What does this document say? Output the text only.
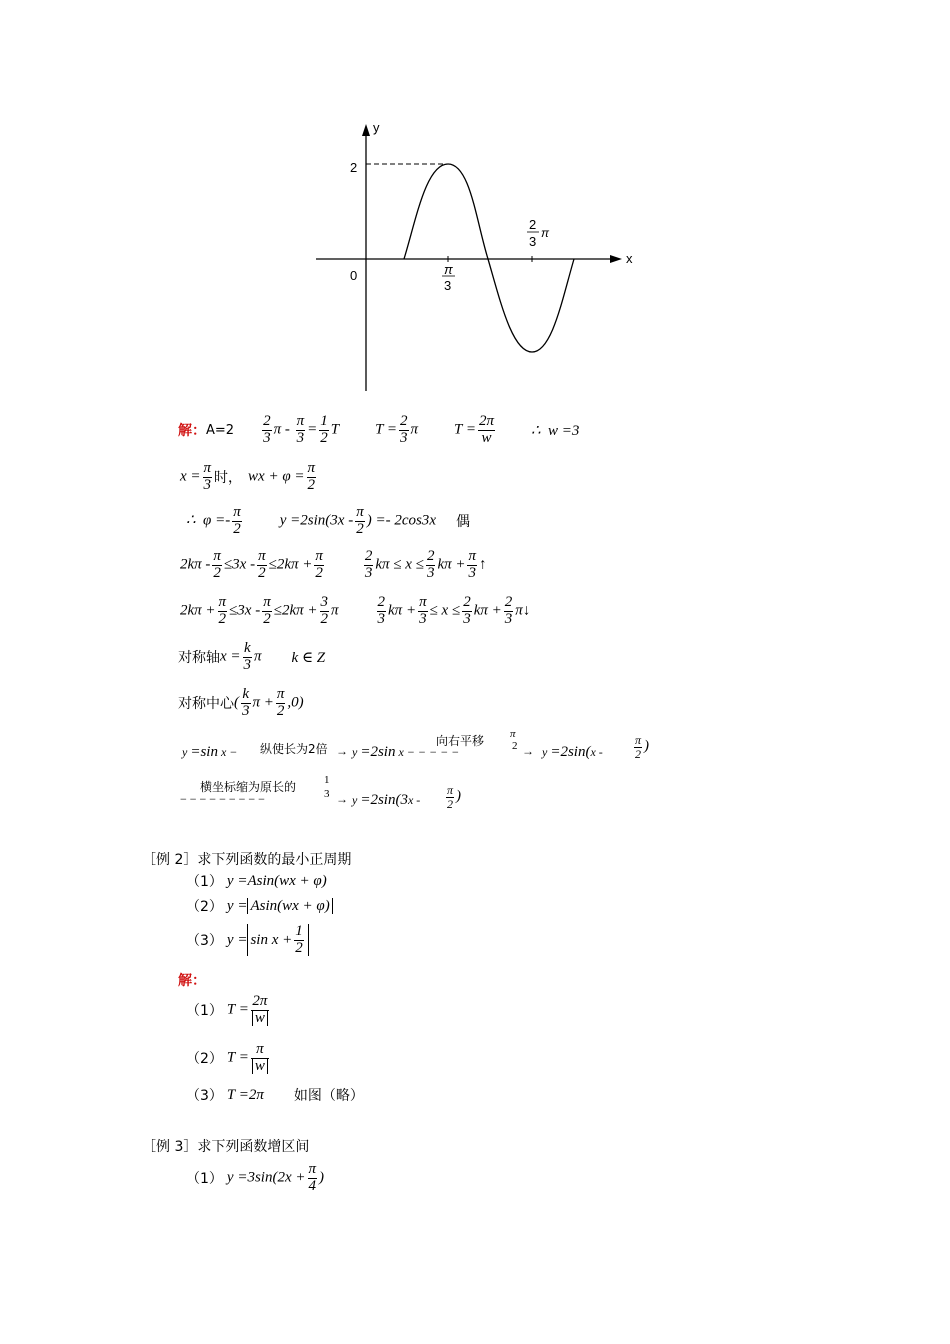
y
x
0
2
π
3
2
3
π
解： $A=2 \frac{2}{3}$ $\pi - \frac{\pi}{3} = \frac{1}{2}$ T $T = \frac{2}{3}$ π $T = \frac{2\pi}{w}$ ∴  w =3
$x = \frac{\pi}{3}$ 时， wx + $\varphi = \frac{\pi}{2}$
∴  $\varphi =- \frac{\pi}{2}$	$y =2\sin(3x - \frac{\pi}{2}$ ) =- 2cos3x 偶
$2k\pi - \frac{\pi}{2} \le 3x - \frac{\pi}{2} \le 2k\pi + \frac{\pi}{2}$	$\frac{2}{3}$ $k\pi \le x \le \frac{2}{3}$ $k\pi + \frac{\pi}{3}$ ↑
$2k\pi + \frac{\pi}{2} \le 3x - \frac{\pi}{2} \le 2k\pi + \frac{3}{2}$ π	$\frac{2}{3}$ $k\pi + \frac{\pi}{3} \le x \le \frac{2}{3}$ $k\pi + \frac{2}{3}$ π↓
对称轴 $x = \frac{k}{3}$ π k ∈ Z
对称中心 ( $\frac{k}{3}$ $\pi + \frac{\pi}{2} ,0$)
y =sin x − 纵使长为2倍 → y =2sin x − − − − −
向右平移 π
2 → y =2sin(x -	$\frac{\pi}{2}$ )
横坐标缩为原长的	1
− − − − − − − − −	$3 \to y =2\sin(3x - \frac{\pi}{2}$ )
［例 2］求下列函数的最小正周期
（1） y =Asin(wx + φ)
（2） y = Asin(wx + φ)
（3） $y = \sin x + \frac{1}{2}$
解：
（1） $T = \frac{2\pi}{w}$
（2） $T = \frac{\pi}{w}$
（3） T =2π 如图（略）
［例 3］求下列函数增区间
（1） $y =3\sin(2x + \frac{\pi}{4}$ )
